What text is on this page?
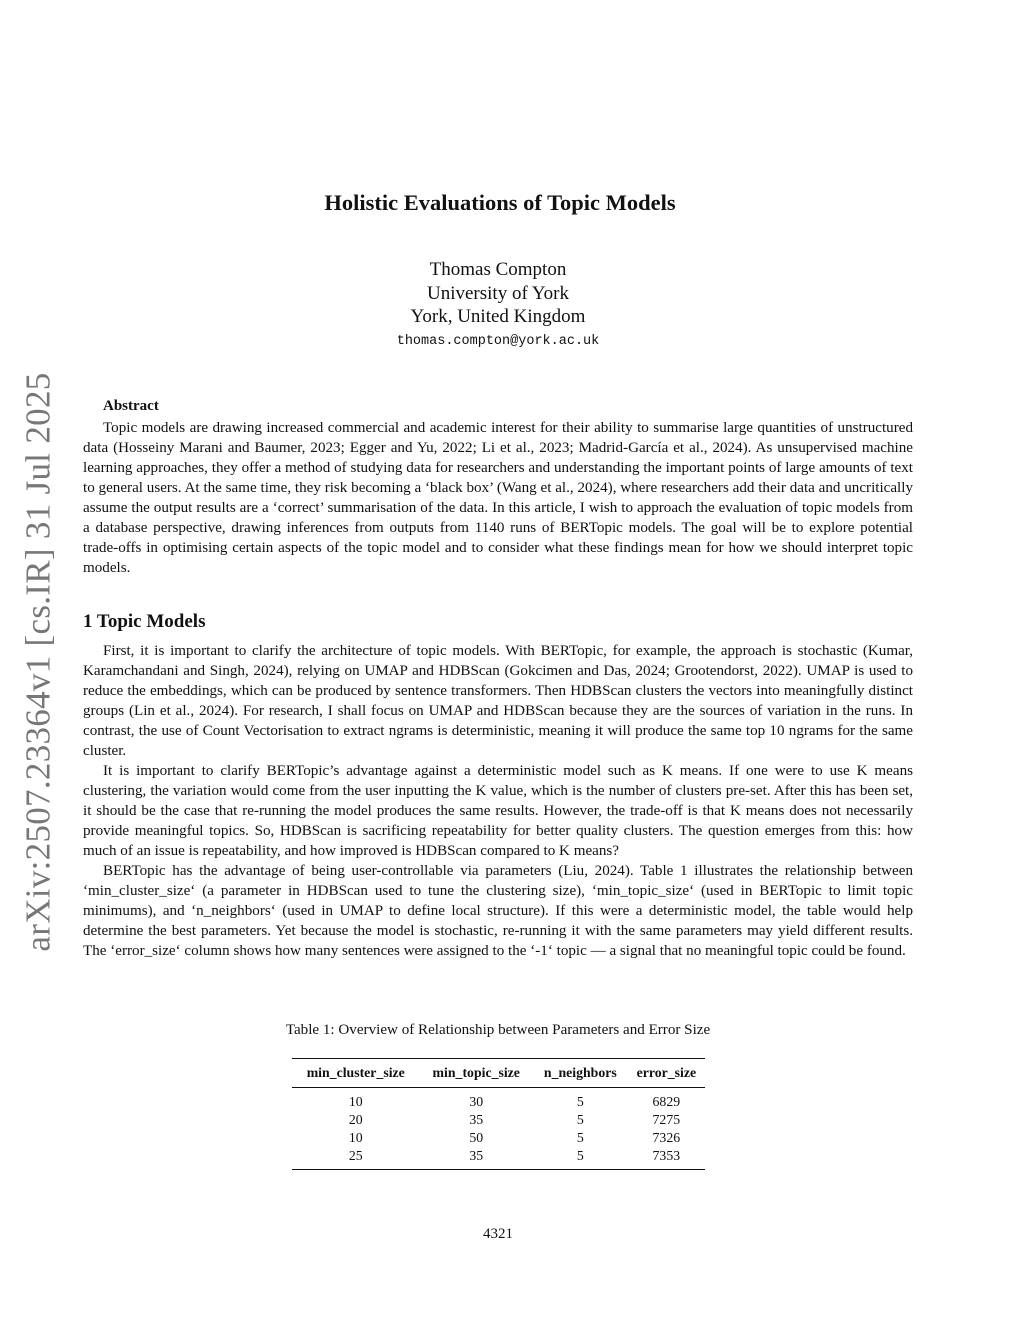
arXiv:2507.23364v1 [cs.IR] 31 Jul 2025
Holistic Evaluations of Topic Models
Thomas Compton
University of York
York, United Kingdom
thomas.compton@york.ac.uk
Abstract

Topic models are drawing increased commercial and academic interest for their ability to summarise large quantities of unstructured data (Hosseiny Marani and Baumer, 2023; Egger and Yu, 2022; Li et al., 2023; Madrid-García et al., 2024). As unsupervised machine learning approaches, they offer a method of studying data for researchers and understanding the important points of large amounts of text to general users. At the same time, they risk becoming a ‘black box’ (Wang et al., 2024), where researchers add their data and uncritically assume the output results are a ‘correct’ summarisation of the data. In this article, I wish to approach the evaluation of topic models from a database perspective, drawing inferences from outputs from 1140 runs of BERTopic models. The goal will be to explore potential trade-offs in optimising certain aspects of the topic model and to consider what these findings mean for how we should interpret topic models.

1 Topic Models

First, it is important to clarify the architecture of topic models. With BERTopic, for example, the approach is stochastic (Kumar, Karamchandani and Singh, 2024), relying on UMAP and HDBScan (Gokcimen and Das, 2024; Grootendorst, 2022). UMAP is used to reduce the embeddings, which can be produced by sentence transformers. Then HDBScan clusters the vectors into meaningfully distinct groups (Lin et al., 2024). For research, I shall focus on UMAP and HDBScan because they are the sources of variation in the runs. In contrast, the use of Count Vectorisation to extract ngrams is deterministic, meaning it will produce the same top 10 ngrams for the same cluster.

It is important to clarify BERTopic’s advantage against a deterministic model such as K means. If one were to use K means clustering, the variation would come from the user inputting the K value, which is the number of clusters pre-set. After this has been set, it should be the case that re-running the model produces the same results. However, the trade-off is that K means does not necessarily provide meaningful topics. So, HDBScan is sacrificing repeatability for better quality clusters. The question emerges from this: how much of an issue is repeatability, and how improved is HDBScan compared to K means?

BERTopic has the advantage of being user-controllable via parameters (Liu, 2024). Table 1 illustrates the relationship between ‘min_cluster_size‘ (a parameter in HDBScan used to tune the clustering size), ‘min_topic_size‘ (used in BERTopic to limit topic minimums), and ‘n_neighbors‘ (used in UMAP to define local structure). If this were a deterministic model, the table would help determine the best parameters. Yet because the model is stochastic, re-running it with the same parameters may yield different results. The ‘error_size‘ column shows how many sentences were assigned to the ‘-1‘ topic — a signal that no meaningful topic could be found.

Table 1: Overview of Relationship between Parameters and Error Size
min_cluster_size	min_topic_size	n_neighbors	error_size
10	30	5	6829
20	35	5	7275
10	50	5	7326
25	35	5	7353
4321
